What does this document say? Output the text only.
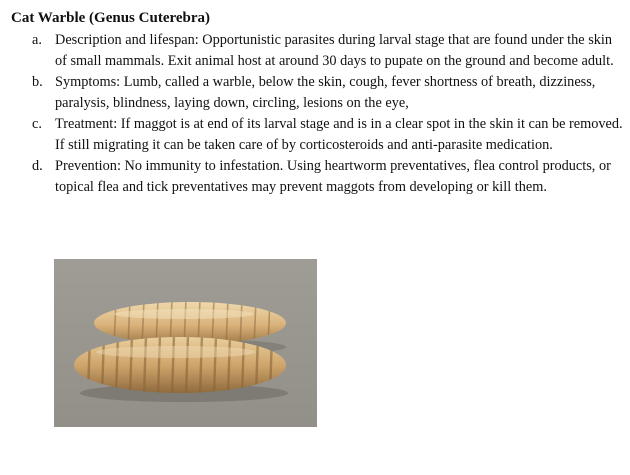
Cat Warble (Genus Cuterebra)

a. Description and lifespan: Opportunistic parasites during larval stage that are found under the skin of small mammals. Exit animal host at around 30 days to pupate on the ground and become adult.
b. Symptoms: Lumb, called a warble, below the skin, cough, fever shortness of breath, dizziness, paralysis, blindness, laying down, circling, lesions on the eye,
c. Treatment: If maggot is at end of its larval stage and is in a clear spot in the skin it can be removed. If still migrating it can be taken care of by corticosteroids and anti-parasite medication.
d. Prevention: No immunity to infestation. Using heartworm preventatives, flea control products, or topical flea and tick preventatives may prevent maggots from developing or kill them.
